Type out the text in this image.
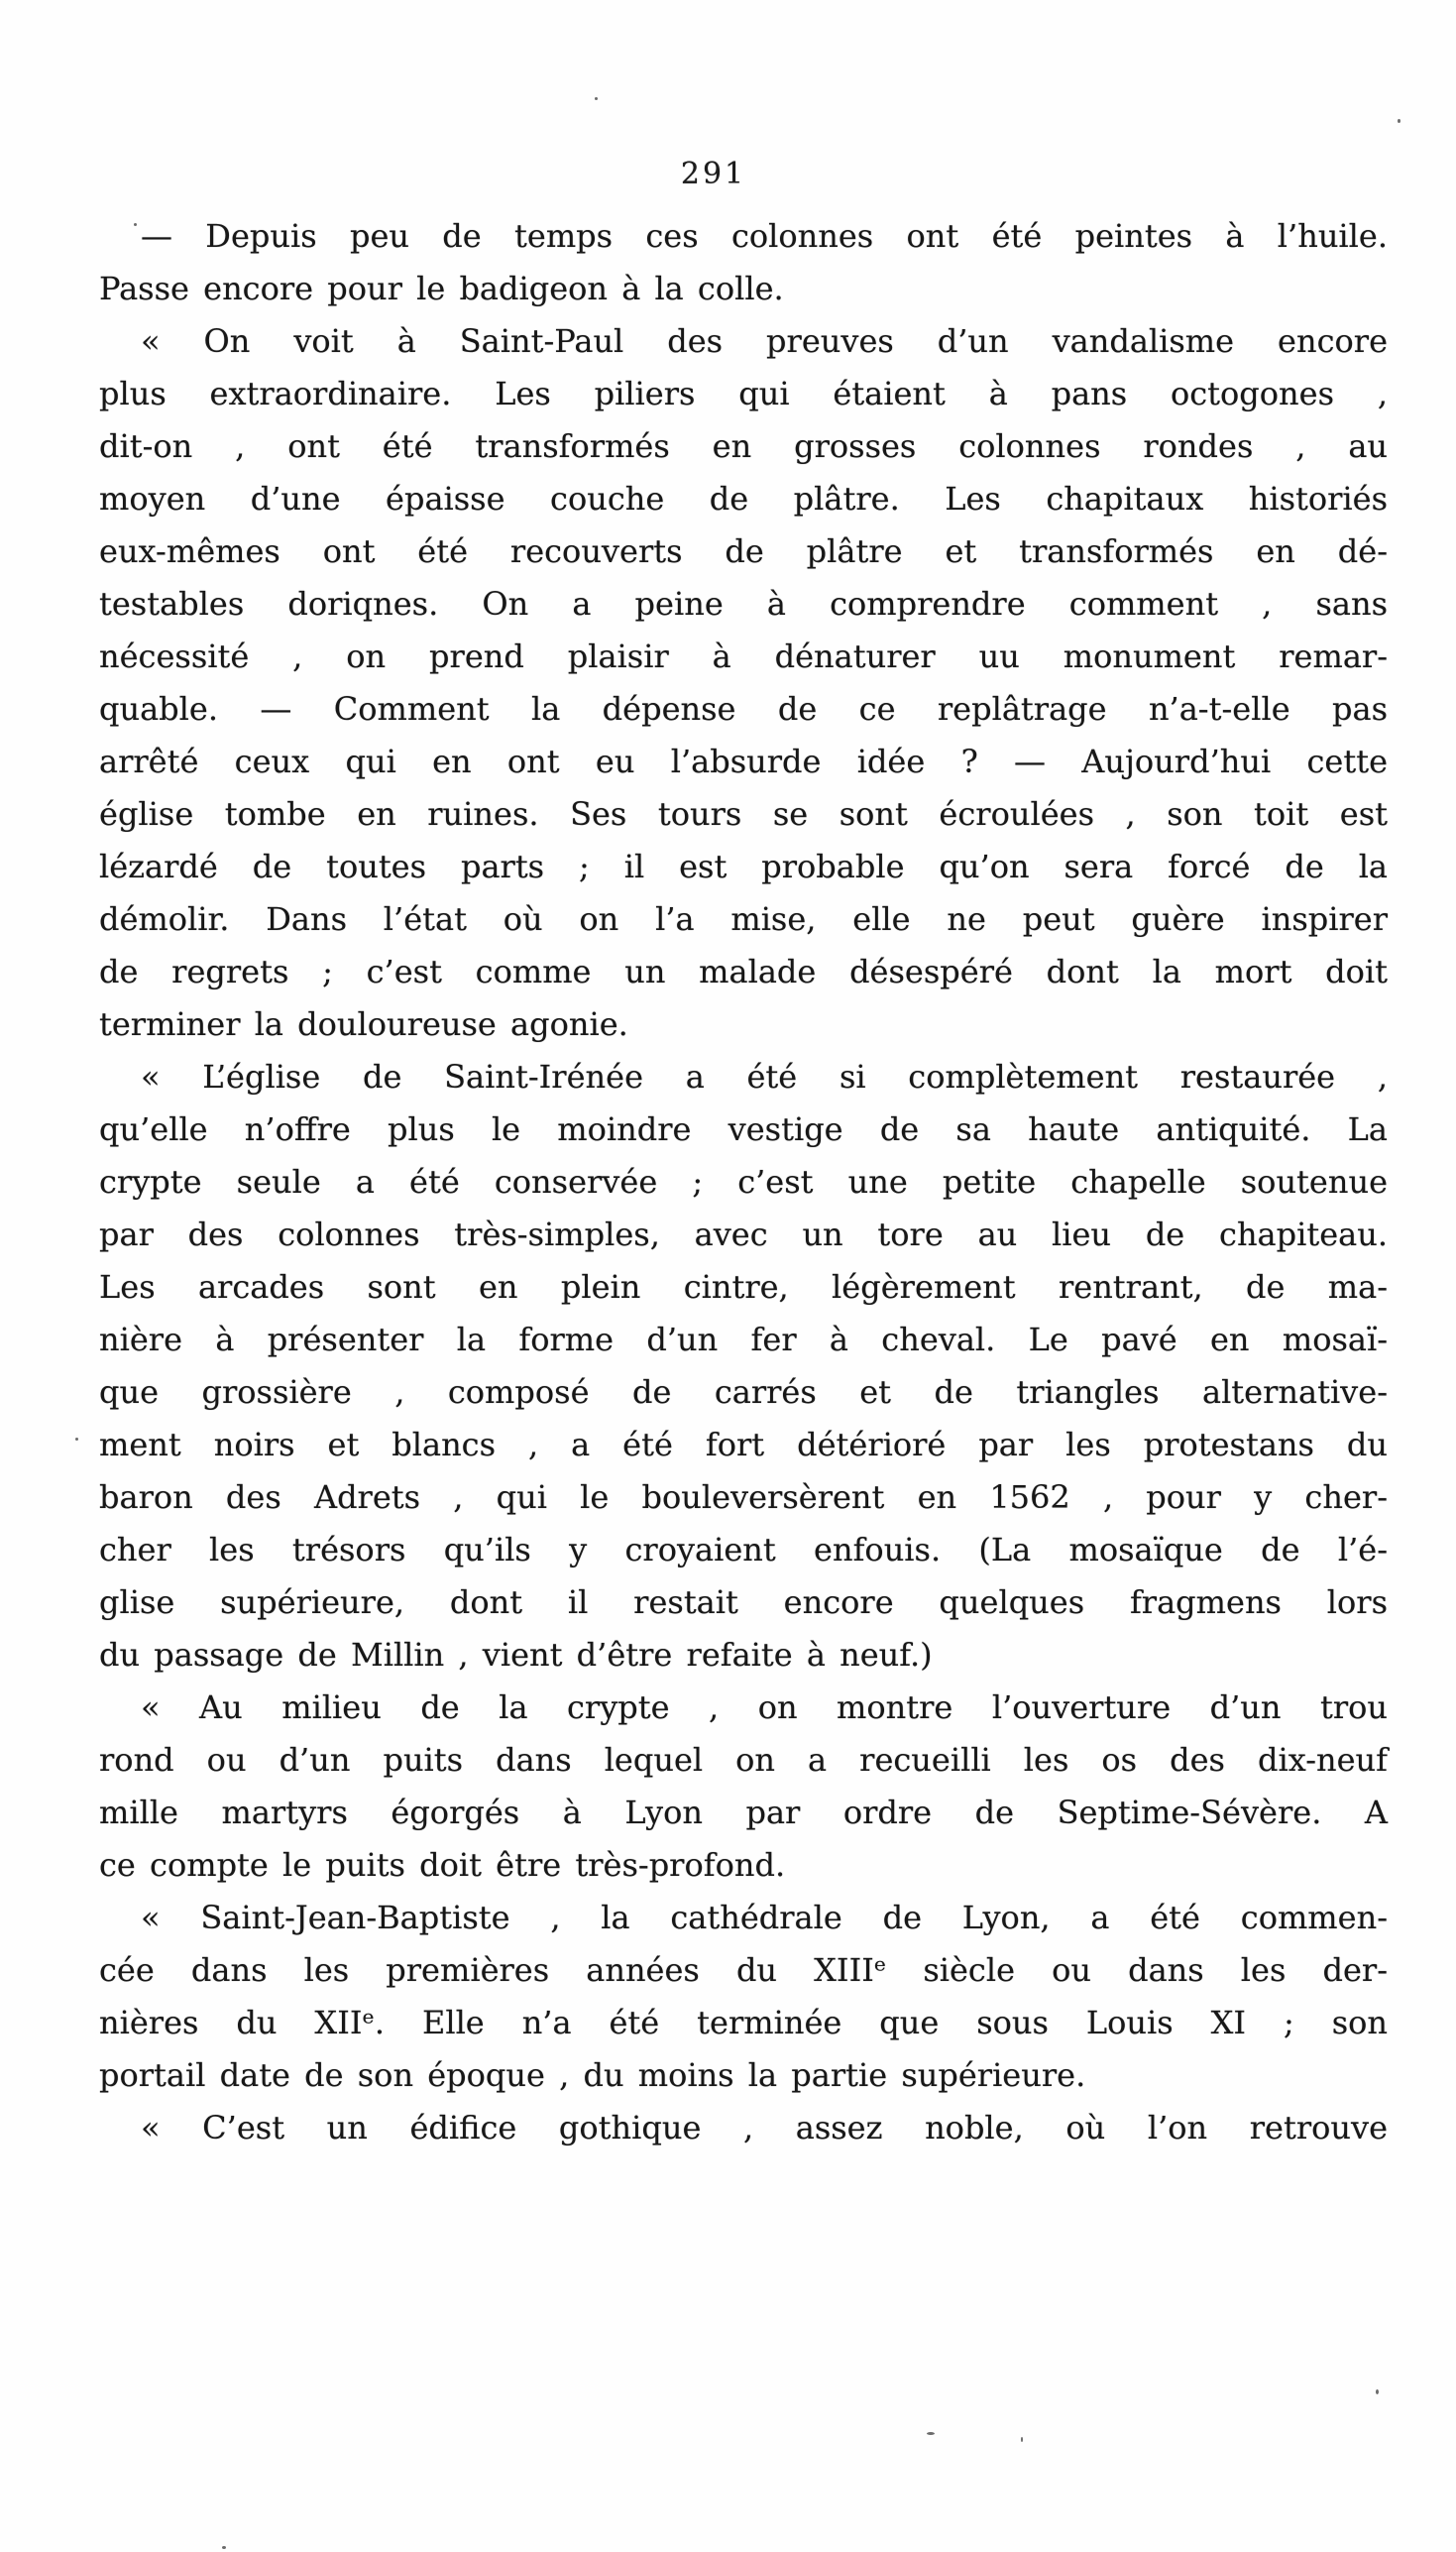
291
— Depuis peu de temps ces colonnes ont été peintes à l’huile.
Passe encore pour le badigeon à la colle.
« On voit à Saint-Paul des preuves d’un vandalisme encore
plus extraordinaire. Les piliers qui étaient à pans octogones ,
dit-on , ont été transformés en grosses colonnes rondes , au
moyen d’une épaisse couche de plâtre. Les chapitaux historiés
eux-mêmes ont été recouverts de plâtre et transformés en dé-
testables doriqnes. On a peine à comprendre comment , sans
nécessité , on prend plaisir à dénaturer uu monument remar-
quable. — Comment la dépense de ce replâtrage n’a-t-elle pas
arrêté ceux qui en ont eu l’absurde idée ? — Aujourd’hui cette
église tombe en ruines. Ses tours se sont écroulées , son toit est
lézardé de toutes parts ; il est probable qu’on sera forcé de la
démolir. Dans l’état où on l’a mise, elle ne peut guère inspirer
de regrets ; c’est comme un malade désespéré dont la mort doit
terminer la douloureuse agonie.
« L’église de Saint-Irénée a été si complètement restaurée ,
qu’elle n’offre plus le moindre vestige de sa haute antiquité. La
crypte seule a été conservée ; c’est une petite chapelle soutenue
par des colonnes très-simples, avec un tore au lieu de chapiteau.
Les arcades sont en plein cintre, légèrement rentrant, de ma-
nière à présenter la forme d’un fer à cheval. Le pavé en mosaï-
que grossière , composé de carrés et de triangles alternative-
ment noirs et blancs , a été fort détérioré par les protestans du
baron des Adrets , qui le bouleversèrent en 1562 , pour y cher-
cher les trésors qu’ils y croyaient enfouis. (La mosaïque de l’é-
glise supérieure, dont il restait encore quelques fragmens lors
du passage de Millin , vient d’être refaite à neuf.)
« Au milieu de la crypte , on montre l’ouverture d’un trou
rond ou d’un puits dans lequel on a recueilli les os des dix-neuf
mille martyrs égorgés à Lyon par ordre de Septime-Sévère. A
ce compte le puits doit être très-profond.
« Saint-Jean-Baptiste , la cathédrale de Lyon, a été commen-
cée dans les premières années du XIIIᵉ siècle ou dans les der-
nières du XIIᵉ. Elle n’a été terminée que sous Louis XI ; son
portail date de son époque , du moins la partie supérieure.
« C’est un édifice gothique , assez noble, où l’on retrouve
